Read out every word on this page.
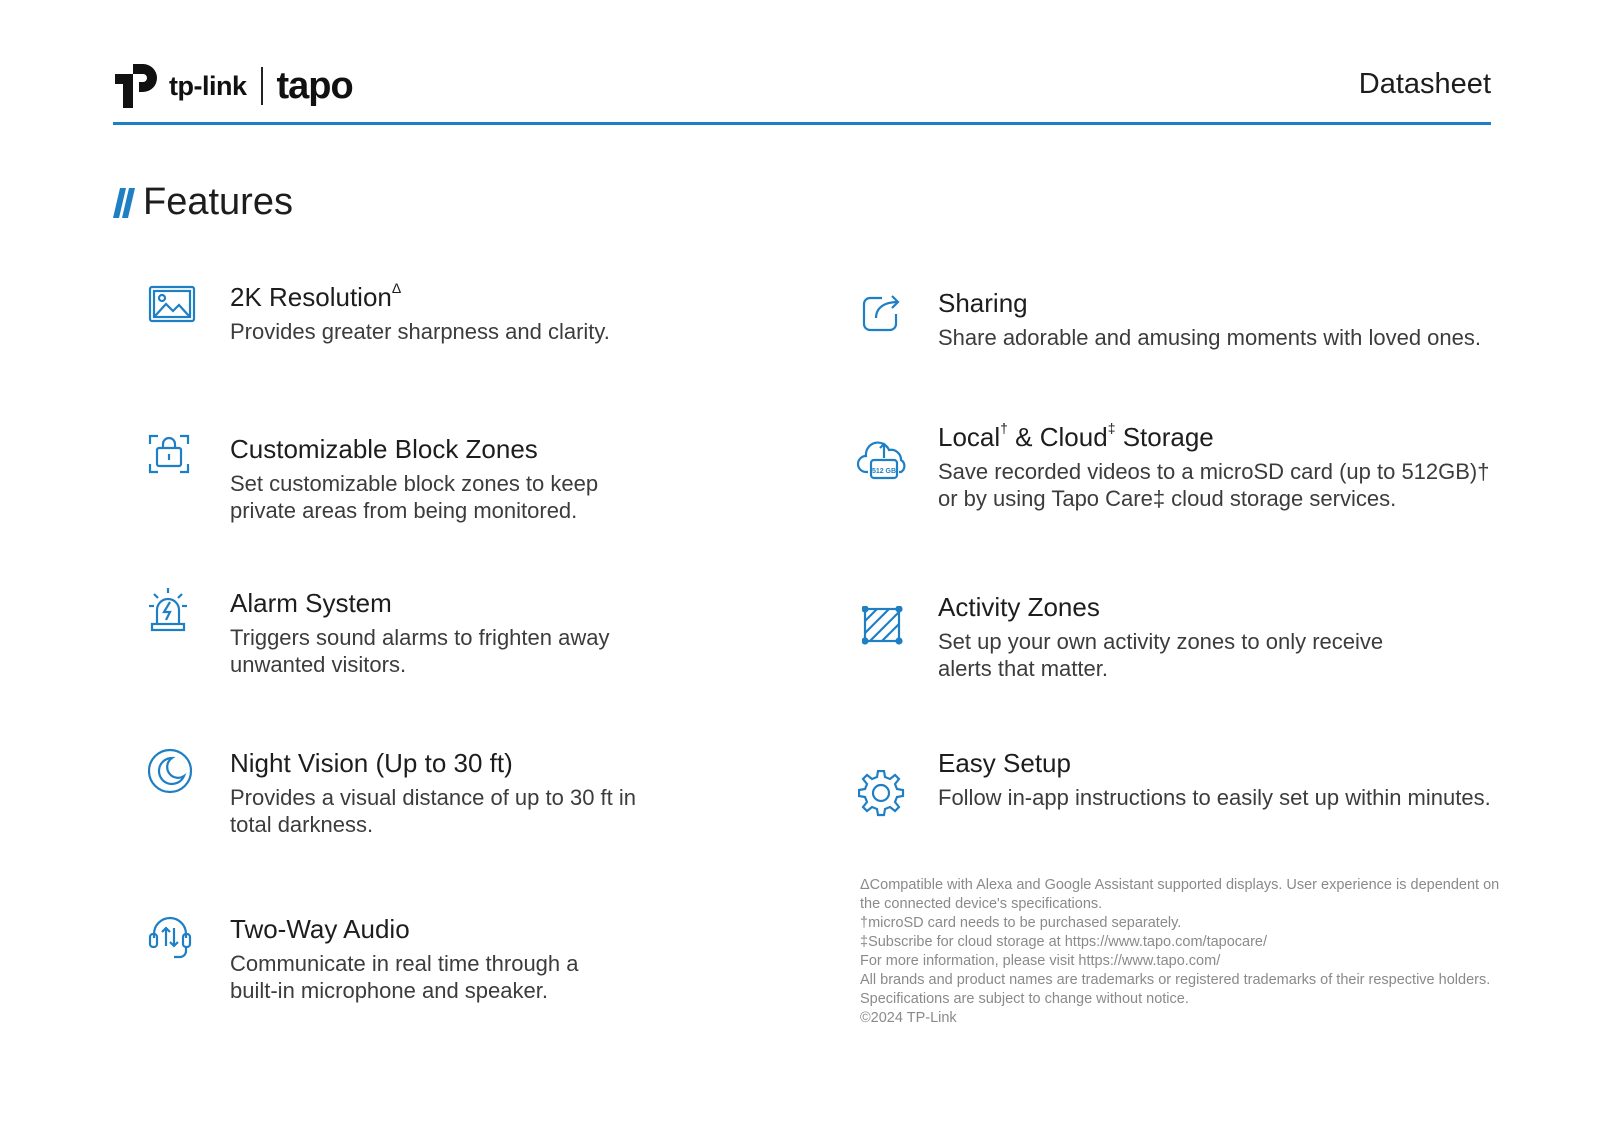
tp-link tapo	Datasheet
Features
2K Resolution$^\Delta$
Provides greater sharpness and clarity.
Customizable Block Zones
Set customizable block zones to keep private areas from being monitored.
Alarm System
Triggers sound alarms to frighten away unwanted visitors.
Night Vision (Up to 30 ft)
Provides a visual distance of up to 30 ft in total darkness.
Two-Way Audio
Communicate in real time through a built-in microphone and speaker.
Sharing
Share adorable and amusing moments with loved ones.
512 GB
Local† & Cloud‡ Storage
Save recorded videos to a microSD card (up to 512GB)† or by using Tapo Care‡ cloud storage services.
Activity Zones
Set up your own activity zones to only receive alerts that matter.
Easy Setup
Follow in-app instructions to easily set up within minutes.
ΔCompatible with Alexa and Google Assistant supported displays. User experience is dependent on the connected device's specifications.
†microSD card needs to be purchased separately.
‡Subscribe for cloud storage at https://www.tapo.com/tapocare/
For more information, please visit https://www.tapo.com/
All brands and product names are trademarks or registered trademarks of their respective holders. Specifications are subject to change without notice.
©2024 TP-Link
